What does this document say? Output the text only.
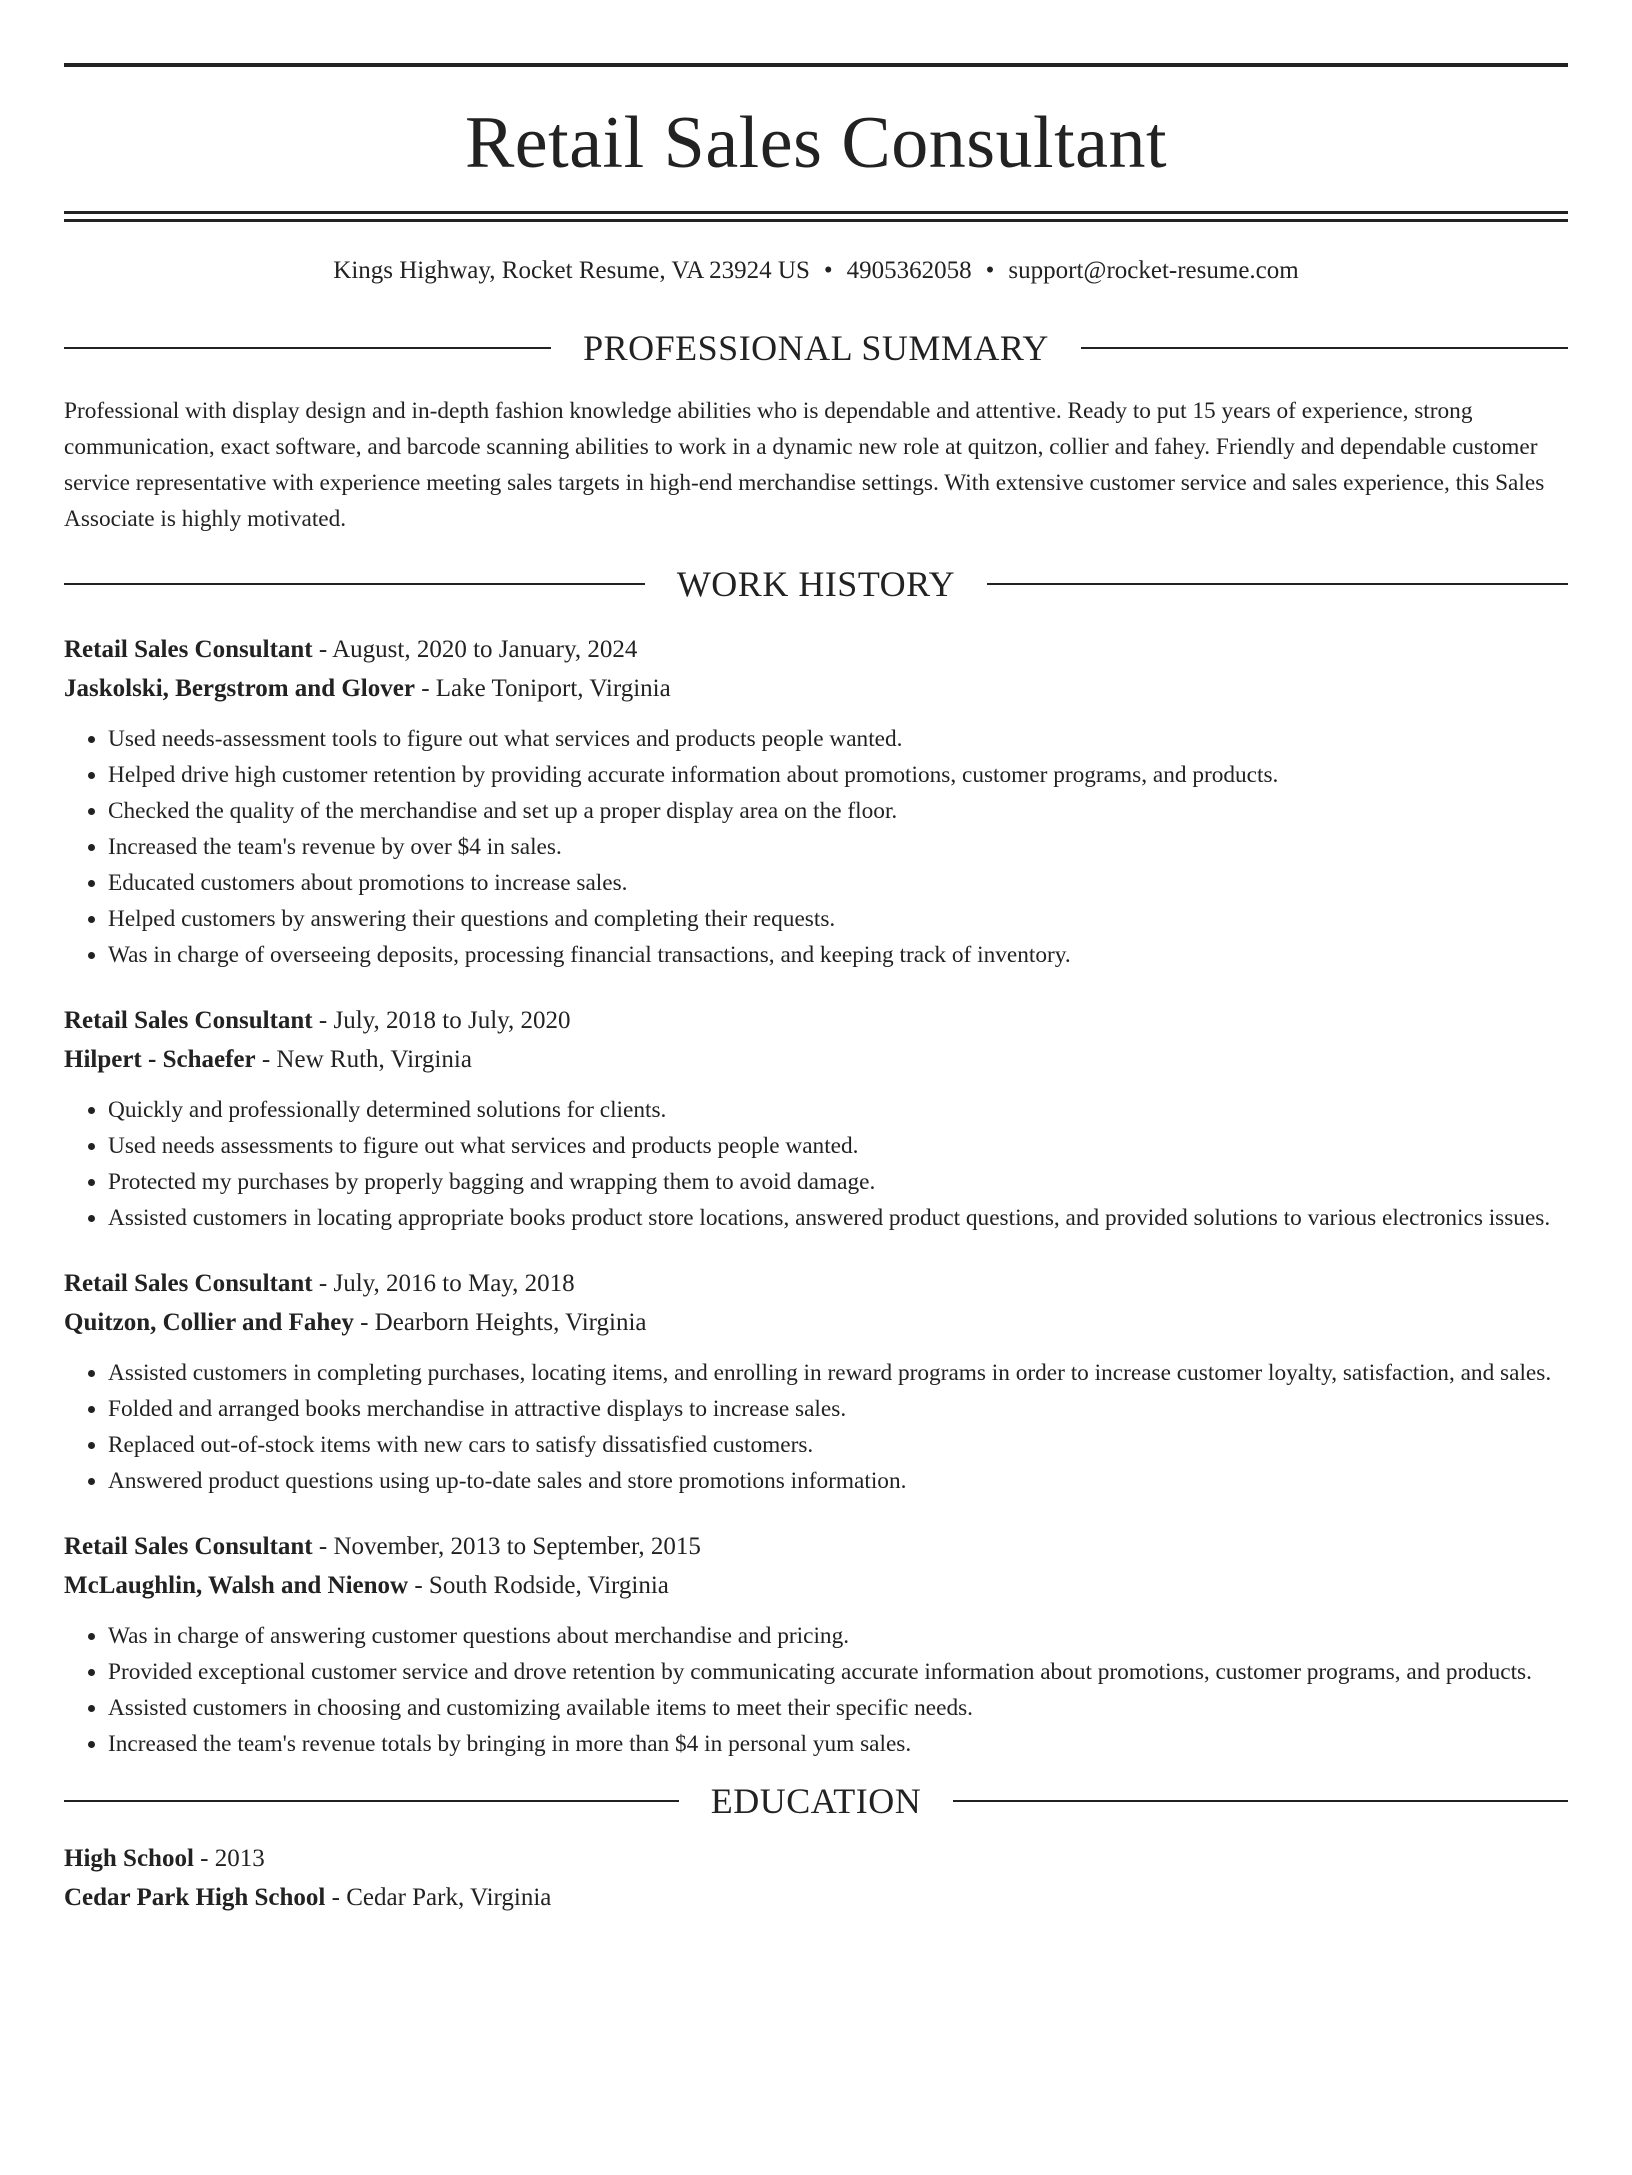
Retail Sales Consultant
Kings Highway, Rocket Resume, VA 23924 US • 4905362058 • support@rocket-resume.com
PROFESSIONAL SUMMARY
Professional with display design and in-depth fashion knowledge abilities who is dependable and attentive. Ready to put 15 years of experience, strong communication, exact software, and barcode scanning abilities to work in a dynamic new role at quitzon, collier and fahey. Friendly and dependable customer service representative with experience meeting sales targets in high-end merchandise settings. With extensive customer service and sales experience, this Sales Associate is highly motivated.
WORK HISTORY
Retail Sales Consultant - August, 2020 to January, 2024
Jaskolski, Bergstrom and Glover - Lake Toniport, Virginia
• Used needs-assessment tools to figure out what services and products people wanted.
• Helped drive high customer retention by providing accurate information about promotions, customer programs, and products.
• Checked the quality of the merchandise and set up a proper display area on the floor.
• Increased the team's revenue by over $4 in sales.
• Educated customers about promotions to increase sales.
• Helped customers by answering their questions and completing their requests.
• Was in charge of overseeing deposits, processing financial transactions, and keeping track of inventory.
Retail Sales Consultant - July, 2018 to July, 2020
Hilpert - Schaefer - New Ruth, Virginia
• Quickly and professionally determined solutions for clients.
• Used needs assessments to figure out what services and products people wanted.
• Protected my purchases by properly bagging and wrapping them to avoid damage.
• Assisted customers in locating appropriate books product store locations, answered product questions, and provided solutions to various electronics issues.
Retail Sales Consultant - July, 2016 to May, 2018
Quitzon, Collier and Fahey - Dearborn Heights, Virginia
• Assisted customers in completing purchases, locating items, and enrolling in reward programs in order to increase customer loyalty, satisfaction, and sales.
• Folded and arranged books merchandise in attractive displays to increase sales.
• Replaced out-of-stock items with new cars to satisfy dissatisfied customers.
• Answered product questions using up-to-date sales and store promotions information.
Retail Sales Consultant - November, 2013 to September, 2015
McLaughlin, Walsh and Nienow - South Rodside, Virginia
• Was in charge of answering customer questions about merchandise and pricing.
• Provided exceptional customer service and drove retention by communicating accurate information about promotions, customer programs, and products.
• Assisted customers in choosing and customizing available items to meet their specific needs.
• Increased the team's revenue totals by bringing in more than $4 in personal yum sales.
EDUCATION
High School - 2013
Cedar Park High School - Cedar Park, Virginia
